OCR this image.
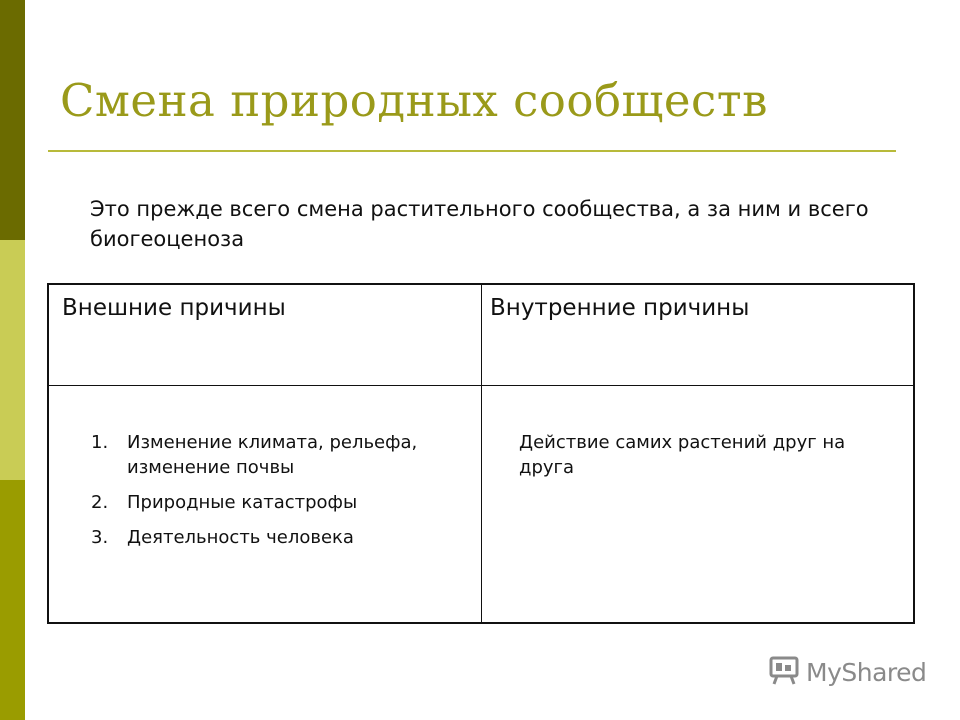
Смена природных сообществ

Это прежде всего смена растительного сообщества, а за ним и всего биогеоценоза

Внешние причины	Внутренние причины
1. Изменение климата, рельефа, изменение почвы
2. Природные катастрофы
3. Деятельность человека

Действие самих растений друг на друга

MyShared
